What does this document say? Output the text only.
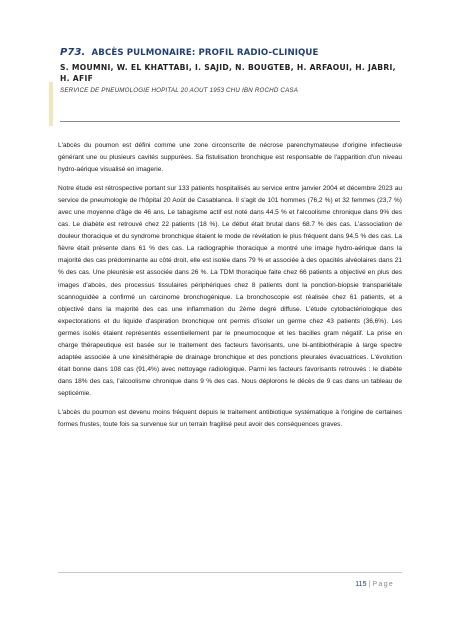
P73. ABCÈS PULMONAIRE: PROFIL RADIO-CLINIQUE
S. MOUMNI, W. EL KHATTABI, I. SAJID, N. BOUGTEB, H. ARFAOUI, H. JABRI, H. AFIF
SERVICE DE PNEUMOLOGIE HOPITAL 20 AOUT 1953 CHU IBN ROCHD CASA

L'abcès du poumon est défini comme une zone circonscrite de nécrose parenchymateuse d'origine infectieuse générant une ou plusieurs cavités suppurées. Sa fistulisation bronchique est responsable de l'apparition d'un niveau hydro-aérique visualisé en imagerie.

Notre étude est rétrospective portant sur 133 patients hospitalisés au service entre janvier 2004 et décembre 2023 au service de pneumologie de l'hôpital 20 Août de Casablanca. Il s'agit de 101 hommes (76,2 %) et 32 femmes (23,7 %) avec une moyenne d'âge de 46 ans. Le tabagisme actif est noté dans 44.5 % et l'alcoolisme chronique dans 9% des cas. Le diabète est retrouvé chez 22 patients (18 %). Le début était brutal dans 68.7 % des cas. L'association de douleur thoracique et du syndrome bronchique étaient le mode de révélation le plus fréquent dans 94.5 % des cas. La fièvre était présente dans 61 % des cas. La radiographie thoracique a montré une image hydro-aérique dans la majorité des cas prédominante au côté droit, elle est isolée dans 79 % et associée à des opacités alvéolaires dans 21 % des cas. Une pleurésie est associée dans 26 %. La TDM thoracique faite chez 66 patients a objectivé en plus des images d'abcès, des processus tissulaires périphériques chez 8 patients dont la ponction-biopsie transpariétale scannoguidée a confirmé un carcinome bronchogénique. La bronchoscopie est réalisée chez 61 patients, et a objectivé dans la majorité des cas une inflammation du 2ème degré diffuse. L'étude cytobactériologique des expectorations et du liquide d'aspiration bronchique ont permis d'isoler un germe chez 43 patients (36,6%). Les germes isolés étaient représentés essentiellement par le pneumocoque et les bacilles gram négatif. La prise en charge thérapeutique est basée sur le traitement des facteurs favorisants, une bi-antibiothérapie à large spectre adaptée associée à une kinésithérapie de drainage bronchique et des ponctions pleurales évacuatrices. L'évolution était bonne dans 108 cas (91,4%) avec nettoyage radiologique. Parmi les facteurs favorisants retrouvés : le diabète dans 18% des cas, l'alcoolisme chronique dans 9 % des cas. Nous déplorons le décès de 9 cas dans un tableau de septicémie.

L'abcès du poumon est devenu moins fréquent depuis le traitement antibiotique systématique à l'origine de certaines formes frustes, toute fois sa survenue sur un terrain fragilisé peut avoir des conséquences graves.

115 | Page
